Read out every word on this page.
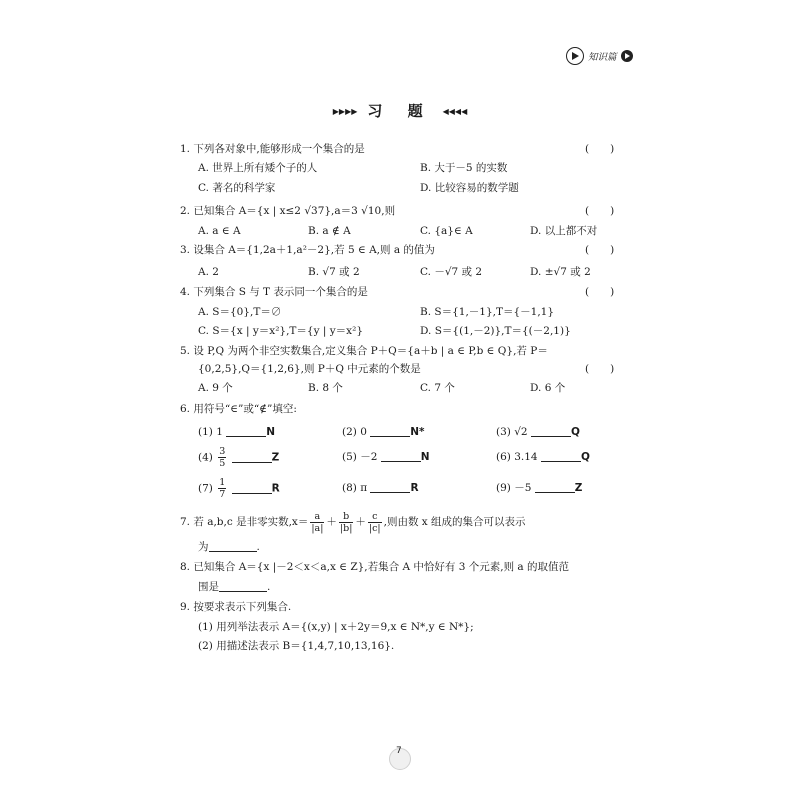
知识篇
▶▶▶▶ 习 题 ◀◀◀◀
1. 下列各对象中,能够形成一个集合的是	(　　)
A. 世界上所有矮个子的人	B. 大于－5 的实数
C. 著名的科学家	D. 比较容易的数学题
2. 已知集合 A＝{x | x≤2 √37},a＝3 √10,则	(　　)
A. a ∈ A	B. a ∉ A	C. {a}∈ A	D. 以上都不对
3. 设集合 A＝{1,2a＋1,a²－2},若 5 ∈ A,则 a 的值为	(　　)
A. 2	B. √7 或 2	C. －√7 或 2	D. ±√7 或 2
4. 下列集合 S 与 T 表示同一个集合的是	(　　)
A. S＝{0},T＝∅	B. S＝{1,－1},T＝{－1,1}
C. S＝{x | y＝x²},T＝{y | y＝x²}	D. S＝{(1,－2)},T＝{(－2,1)}
5. 设 P,Q 为两个非空实数集合,定义集合 P＋Q＝{a＋b | a ∈ P,b ∈ Q},若 P＝
{0,2,5},Q＝{1,2,6},则 P＋Q 中元素的个数是	(　　)
A. 9 个	B. 8 个	C. 7 个	D. 6 个
6. 用符号“∈”或“∉”填空:
(1) 1	N	(2) 0	N*	(3) √2	Q
$(4) \frac{3}{5}$	Z	(5) －2	N	(6) 3.14	Q
$(7) \frac{1}{7}$	R	(8) π	R	(9) －5	Z
7. 若 a,b,c 是非零实数$,x= \frac{a}{|a|} + \frac{b}{|b|} + \frac{c}{|c|}$ ,则由数 x 组成的集合可以表示
为	.
8. 已知集合 A＝{x |－2＜x＜a,x ∈ Z},若集合 A 中恰好有 3 个元素,则 a 的取值范
围是	.
9. 按要求表示下列集合.
(1) 用列举法表示 A＝{(x,y) | x＋2y＝9,x ∈ N*,y ∈ N*};
(2) 用描述法表示 B＝{1,4,7,10,13,16}.
7
